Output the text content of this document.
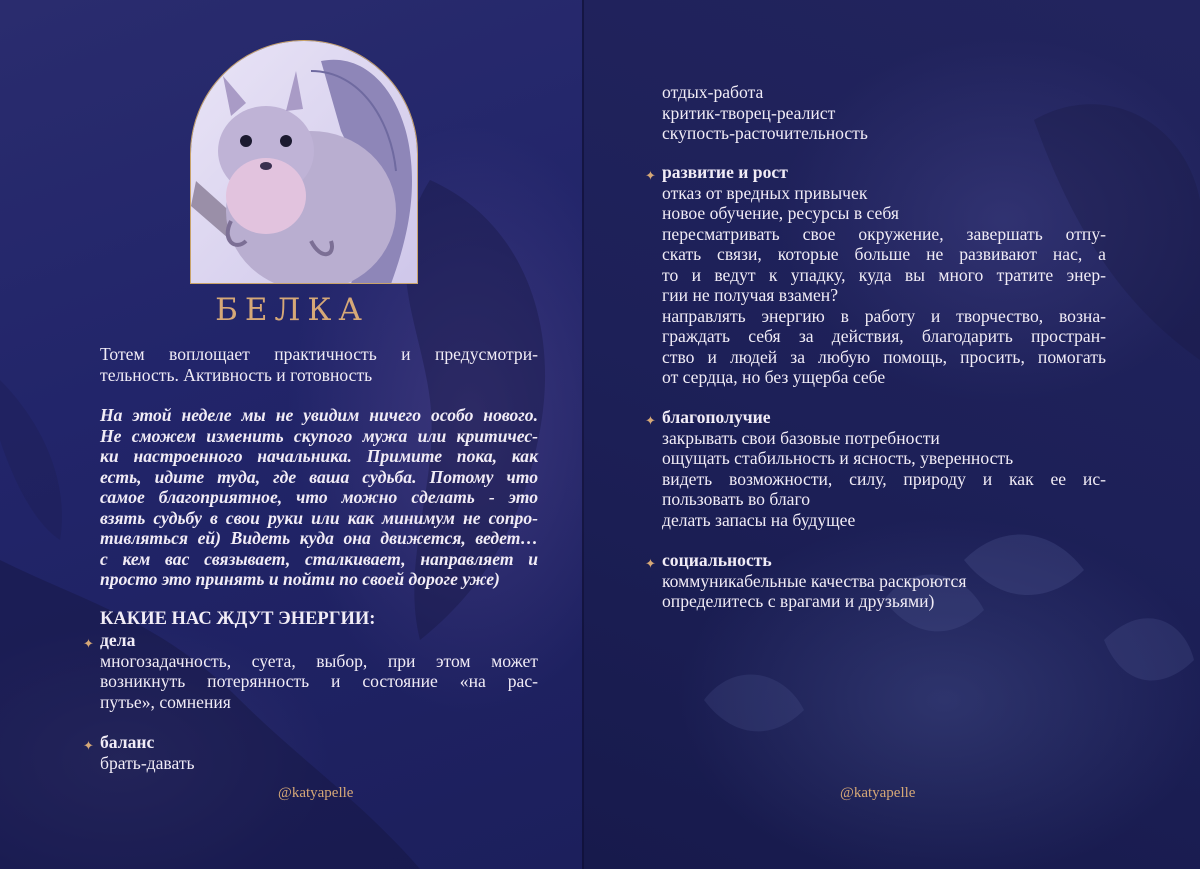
БЕЛКА
Тотем воплощает практичность и предусмотри-
тельность. Активность и готовность
На этой неделе мы не увидим ничего особо нового.
Не сможем изменить скупого мужа или критичес-
ки настроенного начальника. Примите пока, как
есть, идите туда, где ваша судьба. Потому что
самое благоприятное, что можно сделать - это
взять судьбу в свои руки или как минимум не сопро-
тивляться ей) Видеть куда она движется, ведет…
с кем вас связывает, сталкивает, направляет и
просто это принять и пойти по своей дороге уже)
КАКИЕ НАС ЖДУТ ЭНЕРГИИ:
✦ дела
многозадачность, суета, выбор, при этом может
возникнуть потерянность и состояние «на рас-
путье», сомнения
✦ баланс
брать-давать
@katyapelle
отдых-работа
критик-творец-реалист
скупость-расточительность
✦ развитие и рост
отказ от вредных привычек
новое обучение, ресурсы в себя
пересматривать свое окружение, завершать отпу-
скать связи, которые больше не развивают нас, а
то и ведут к упадку, куда вы много тратите энер-
гии не получая взамен?
направлять энергию в работу и творчество, возна-
граждать себя за действия, благодарить простран-
ство и людей за любую помощь, просить, помогать
от сердца, но без ущерба себе
✦ благополучие
закрывать свои базовые потребности
ощущать стабильность и ясность, уверенность
видеть возможности, силу, природу и как ее ис-
пользовать во благо
делать запасы на будущее
✦ социальность
коммуникабельные качества раскроются
определитесь с врагами и друзьями)
@katyapelle
